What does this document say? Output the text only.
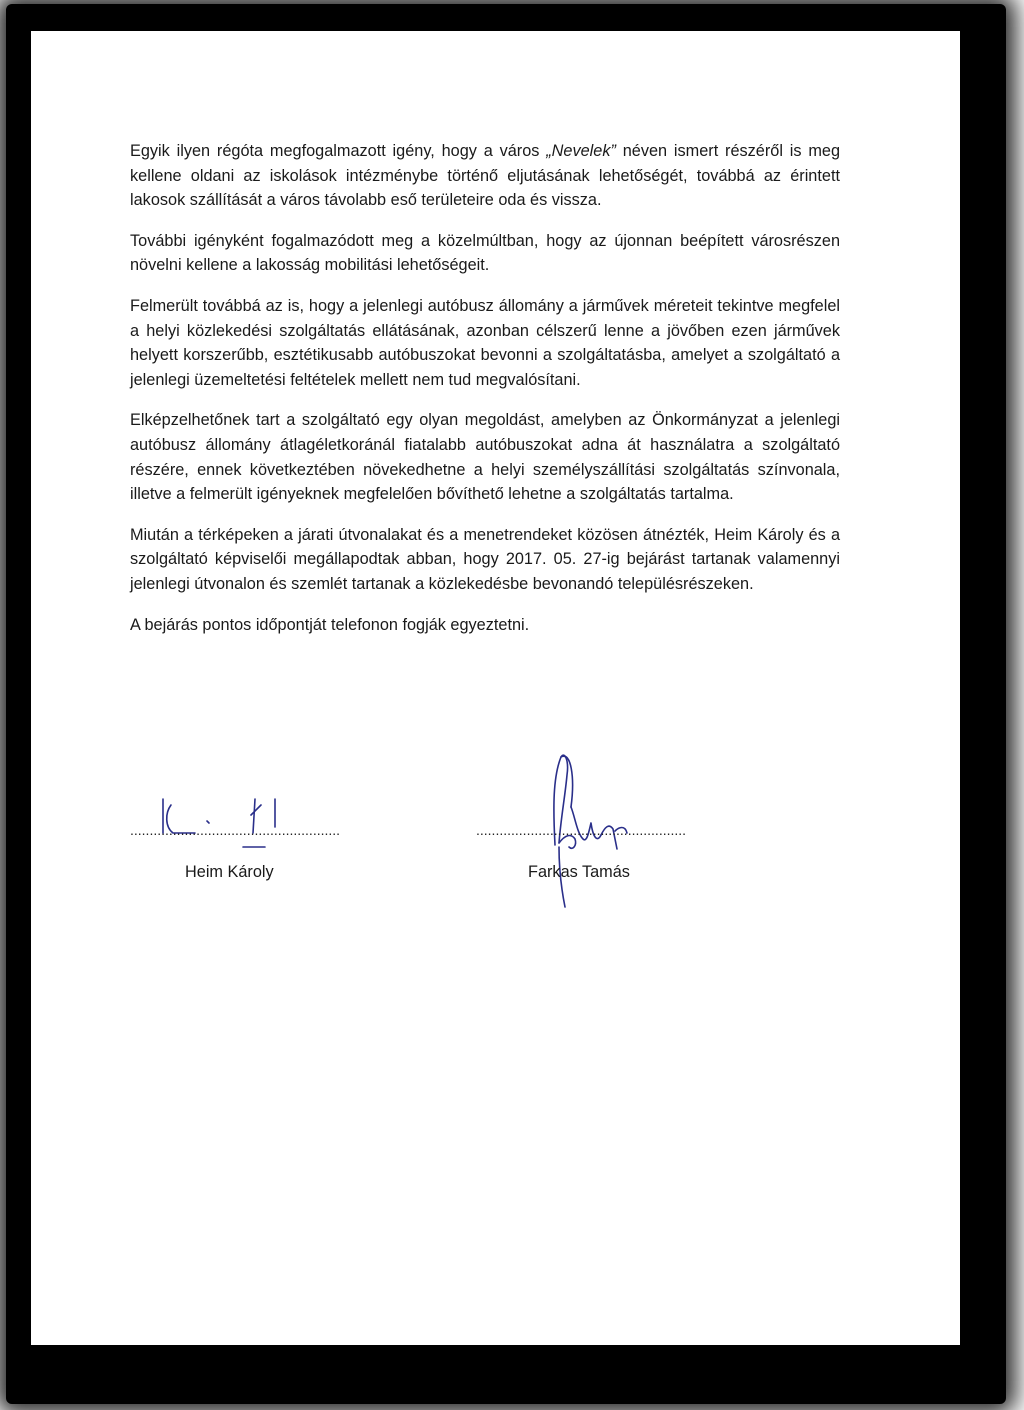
Egyik ilyen régóta megfogalmazott igény, hogy a város „Nevelek” néven ismert részéről is meg kellene oldani az iskolások intézménybe történő eljutásának lehetőségét, továbbá az érintett lakosok szállítását a város távolabb eső területeire oda és vissza.

További igényként fogalmazódott meg a közelmúltban, hogy az újonnan beépített városrészen növelni kellene a lakosság mobilitási lehetőségeit.

Felmerült továbbá az is, hogy a jelenlegi autóbusz állomány a járművek méreteit tekintve megfelel a helyi közlekedési szolgáltatás ellátásának, azonban célszerű lenne a jövőben ezen járművek helyett korszerűbb, esztétikusabb autóbuszokat bevonni a szolgáltatásba, amelyet a szolgáltató a jelenlegi üzemeltetési feltételek mellett nem tud megvalósítani.

Elképzelhetőnek tart a szolgáltató egy olyan megoldást, amelyben az Önkormányzat a jelenlegi autóbusz állomány átlagéletkoránál fiatalabb autóbuszokat adna át használatra a szolgáltató részére, ennek következtében növekedhetne a helyi személyszállítási szolgáltatás színvonala, illetve a felmerült igényeknek megfelelően bővíthető lehetne a szolgáltatás tartalma.

Miután a térképeken a járati útvonalakat és a menetrendeket közösen átnézték, Heim Károly és a szolgáltató képviselői megállapodtak abban, hogy 2017. 05. 27-ig bejárást tartanak valamennyi jelenlegi útvonalon és szemlét tartanak a közlekedésbe bevonandó településrészeken.

A bejárás pontos időpontját telefonon fogják egyeztetni.

......................................................
Heim Károly
......................................................
Farkas Tamás
